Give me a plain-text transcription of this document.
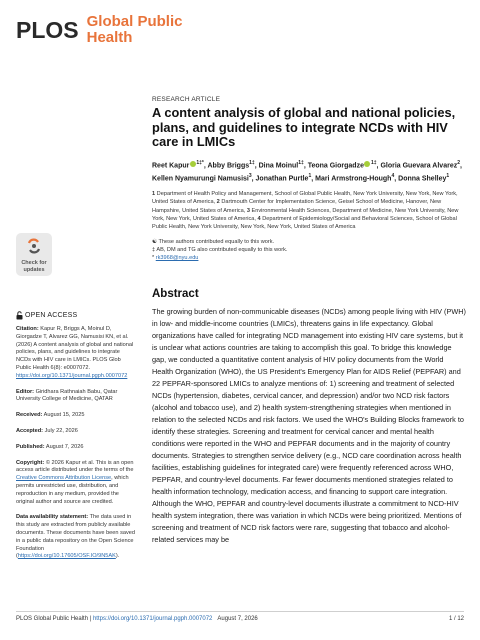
PLOS Global Public
Health
Check for
updates
OPEN ACCESS
Citation: Kapur R, Briggs A, Moinul D, Giorgadze T, Alvarez GG, Namusisi KN, et al. (2026) A content analysis of global and national policies, plans, and guidelines to integrate NCDs with HIV care in LMICs. PLOS Glob Public Health 6(8): e0007072. https://doi.org/10.1371/journal.pgph.0007072
Editor: Giridhara Rathnaiah Babu, Qatar University College of Medicine, QATAR
Received: August 15, 2025
Accepted: July 22, 2026
Published: August 7, 2026
Copyright: © 2026 Kapur et al. This is an open access article distributed under the terms of the Creative Commons Attribution License, which permits unrestricted use, distribution, and reproduction in any medium, provided the original author and source are credited.
Data availability statement: The data used in this study are extracted from publicly available documents. These documents have been saved in a public data repository on the Open Science Foundation (https://doi.org/10.17605/OSF.IO/9N5AK).
RESEARCH ARTICLE
A content analysis of global and national policies, plans, and guidelines to integrate NCDs with HIV care in LMICs
Reet Kapur $^{1\ddagger*}$, Abby Briggs$^{1\ddagger}$, Dina Moinul$^{1\ddagger}$, Teona Giorgadze $^{1\ddagger}$, Gloria Guevara Alvarez$^2$, Kellen Nyamurungi Namusisi$^3$, Jonathan Purtle$^1$, Mari Armstrong-Hough$^4$, Donna Shelley$^1$
1 Department of Health Policy and Management, School of Global Public Health, New York University, New York, New York, United States of America, 2 Dartmouth Center for Implementation Science, Geisel School of Medicine, Hanover, New Hampshire, United States of America, 3 Environmental Health Sciences, Department of Medicine, New York University, New York, New York, United States of America, 4 Department of Epidemiology/Social and Behavioral Sciences, School of Global Public Health, New York University, New York, New York, United States of America
☯ These authors contributed equally to this work.
‡ AB, DM and TG also contributed equally to this work.
* rk3968@nyu.edu
Abstract

The growing burden of non-communicable diseases (NCDs) among people living with HIV (PWH) in low- and middle-income countries (LMICs), threatens gains in life expectancy. Global organizations have called for integrating NCD management into existing HIV care systems, but it is unclear what actions countries are taking to accomplish this goal. To bridge this knowledge gap, we conducted a quantitative content analysis of HIV policy documents from the World Health Organization (WHO), the US President's Emergency Plan for AIDS Relief (PEPFAR) and 22 PEPFAR-sponsored LMICs to analyze mentions of: 1) screening and treatment of selected NCDs (hypertension, diabetes, cervical cancer, and depression) and/or two NCD risk factors (alcohol and tobacco use), and 2) health system-strengthening strategies when mentioned in relation to the selected NCDs and risk factors. We used the WHO's Building Blocks framework to identify these strategies. Screening and treatment for cervical cancer and mental health conditions were reported in the WHO and PEPFAR documents and in the majority of country documents. Strategies to strengthen service delivery (e.g., NCD care coordination across health facilities, establishing guidelines for integrated care) were frequently referenced across WHO, PEPFAR, and country-level documents. Far fewer documents mentioned strategies related to health information technology, medication access, and financing to support care integration. Although the WHO, PEPFAR and country-level documents illustrate a commitment to NCD-HIV health system integration, there was variation in which NCDs were being prioritized. Mentions of screening and treatment of NCD risk factors were rare, suggesting that tobacco and alcohol-related services may be

PLOS Global Public Health | https://doi.org/10.1371/journal.pgph.0007072 August 7, 2026	1 / 12
